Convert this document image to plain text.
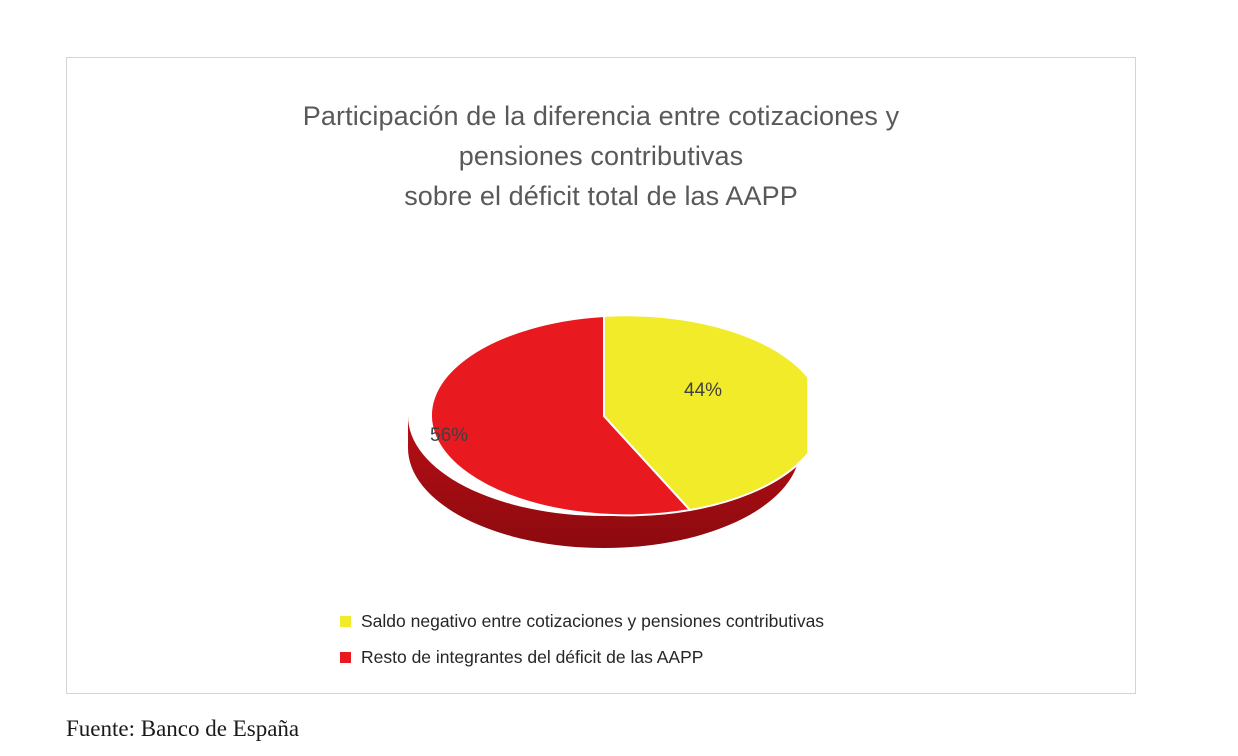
Participación de la diferencia entre cotizaciones y
pensiones contributivas
sobre el déficit total de las AAPP
44%
56%
Saldo negativo entre cotizaciones y pensiones contributivas
Resto de integrantes del déficit de las AAPP
Fuente: Banco de España
